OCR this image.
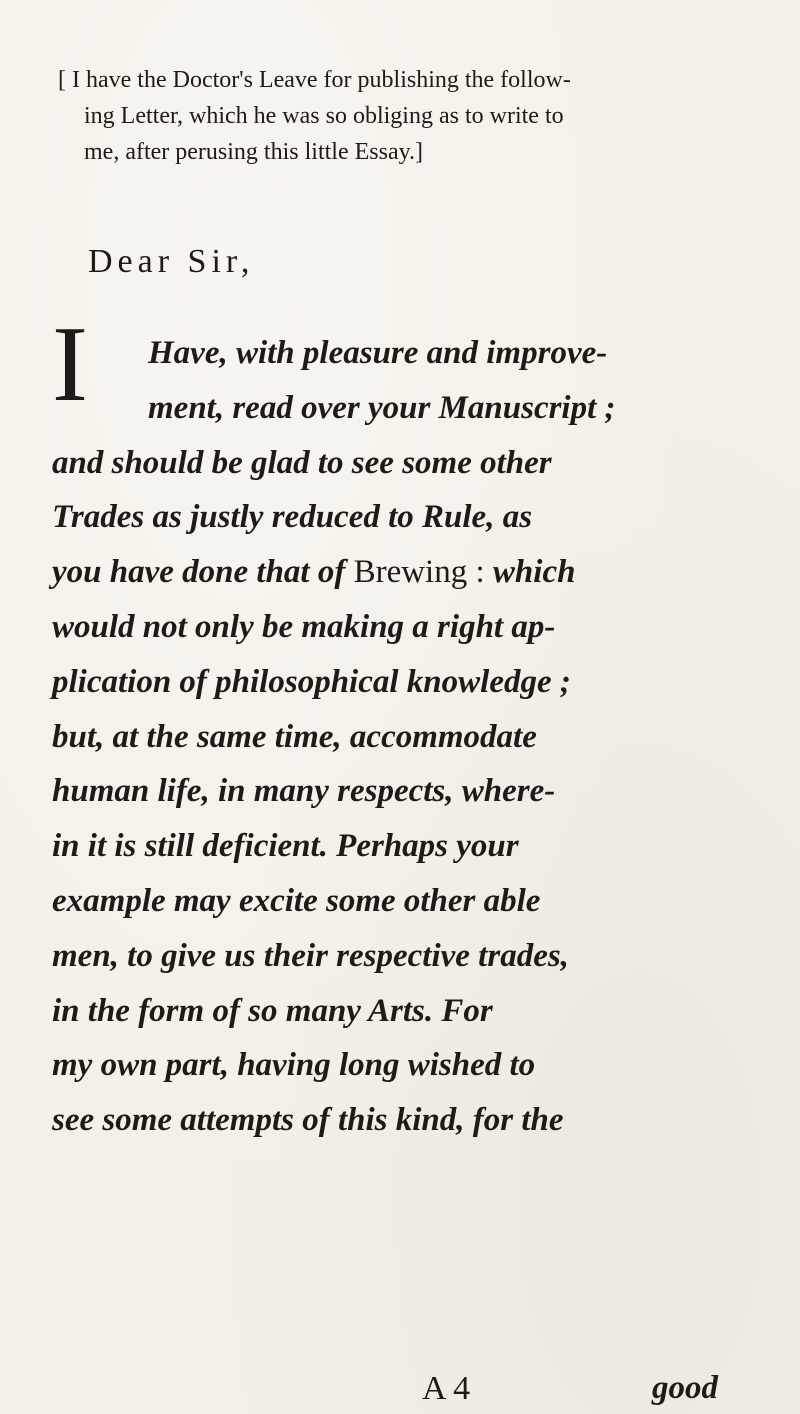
[ I have the Doctor's Leave for publishing the follow-
ing Letter, which he was so obliging as to write to
me, after perusing this little Essay.]
Dear Sir,
I	Have, with pleasure and improve-
ment, read over your Manuscript ;
and should be glad to see some other
Trades as justly reduced to Rule, as
you have done that of Brewing : which
would not only be making a right ap-
plication of philosophical knowledge ;
but, at the same time, accommodate
human life, in many respects, where-
in it is still deficient. Perhaps your
example may excite some other able
men, to give us their respective trades,
in the form of so many Arts. For
my own part, having long wished to
see some attempts of this kind, for the
A 4	good
